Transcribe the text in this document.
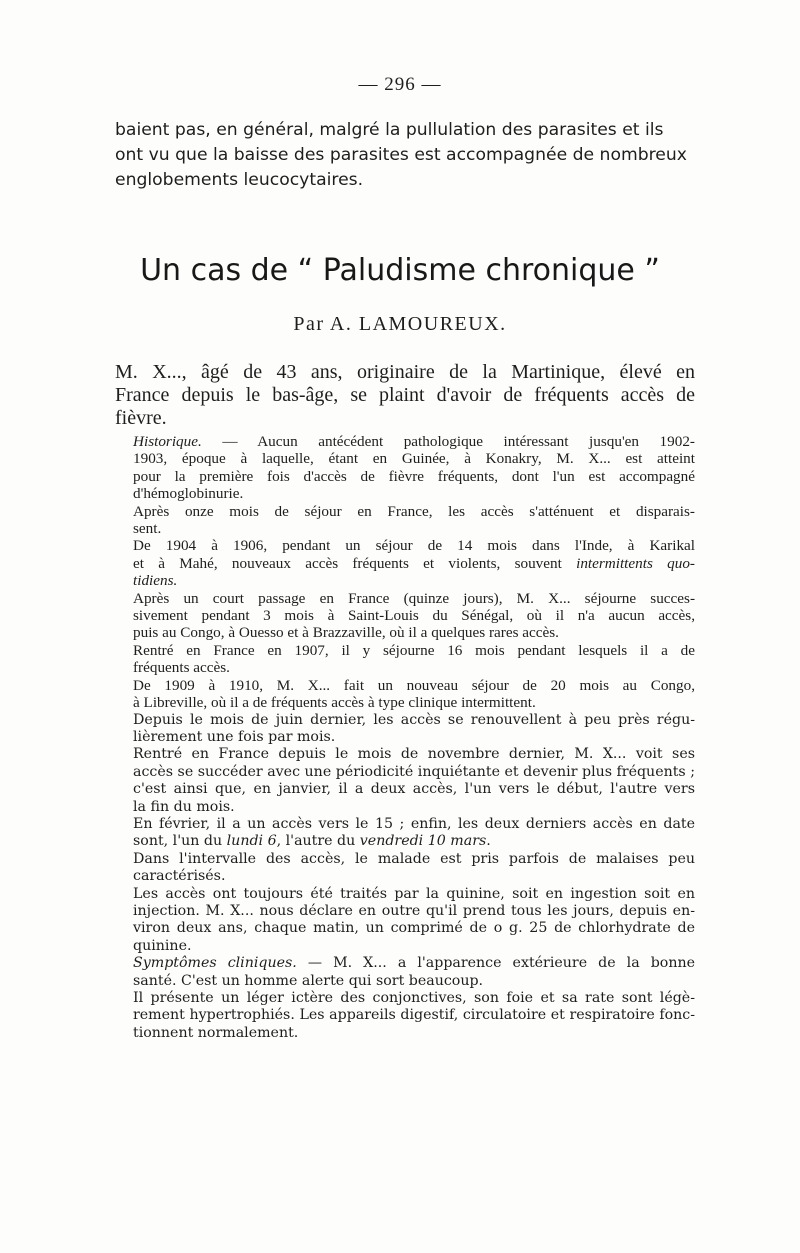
— 296 —
baient pas, en général, malgré la pullulation des parasites et ils
ont vu que la baisse des parasites est accompagnée de nombreux
englobements leucocytaires.
Un cas de “ Paludisme chronique ”
Par A. LAMOUREUX.
M. X..., âgé de 43 ans, originaire de la Martinique, élevé en
France depuis le bas-âge, se plaint d'avoir de fréquents accès de
fièvre.

Historique. — Aucun antécédent pathologique intéressant jusqu'en 1902-
1903, époque à laquelle, étant en Guinée, à Konakry, M. X... est atteint
pour la première fois d'accès de fièvre fréquents, dont l'un est accompagné
d'hémoglobinurie.

Après onze mois de séjour en France, les accès s'atténuent et disparais-
sent.

De 1904 à 1906, pendant un séjour de 14 mois dans l'Inde, à Karikal
et à Mahé, nouveaux accès fréquents et violents, souvent intermittents quo-
tidiens.

Après un court passage en France (quinze jours), M. X... séjourne succes-
sivement pendant 3 mois à Saint-Louis du Sénégal, où il n'a aucun accès,
puis au Congo, à Ouesso et à Brazzaville, où il a quelques rares accès.

Rentré en France en 1907, il y séjourne 16 mois pendant lesquels il a de
fréquents accès.

De 1909 à 1910, M. X... fait un nouveau séjour de 20 mois au Congo,
à Libreville, où il a de fréquents accès à type clinique intermittent.

Depuis le mois de juin dernier, les accès se renouvellent à peu près régu-
lièrement une fois par mois.

Rentré en France depuis le mois de novembre dernier, M. X... voit ses
accès se succéder avec une périodicité inquiétante et devenir plus fréquents ;
c'est ainsi que, en janvier, il a deux accès, l'un vers le début, l'autre vers
la fin du mois.

En février, il a un accès vers le 15 ; enfin, les deux derniers accès en date
sont, l'un du lundi 6, l'autre du vendredi 10 mars.

Dans l'intervalle des accès, le malade est pris parfois de malaises peu
caractérisés.

Les accès ont toujours été traités par la quinine, soit en ingestion soit en
injection. M. X... nous déclare en outre qu'il prend tous les jours, depuis en-
viron deux ans, chaque matin, un comprimé de o g. 25 de chlorhydrate de
quinine.

Symptômes cliniques. — M. X... a l'apparence extérieure de la bonne
santé. C'est un homme alerte qui sort beaucoup.

Il présente un léger ictère des conjonctives, son foie et sa rate sont légè-
rement hypertrophiés. Les appareils digestif, circulatoire et respiratoire fonc-
tionnent normalement.
